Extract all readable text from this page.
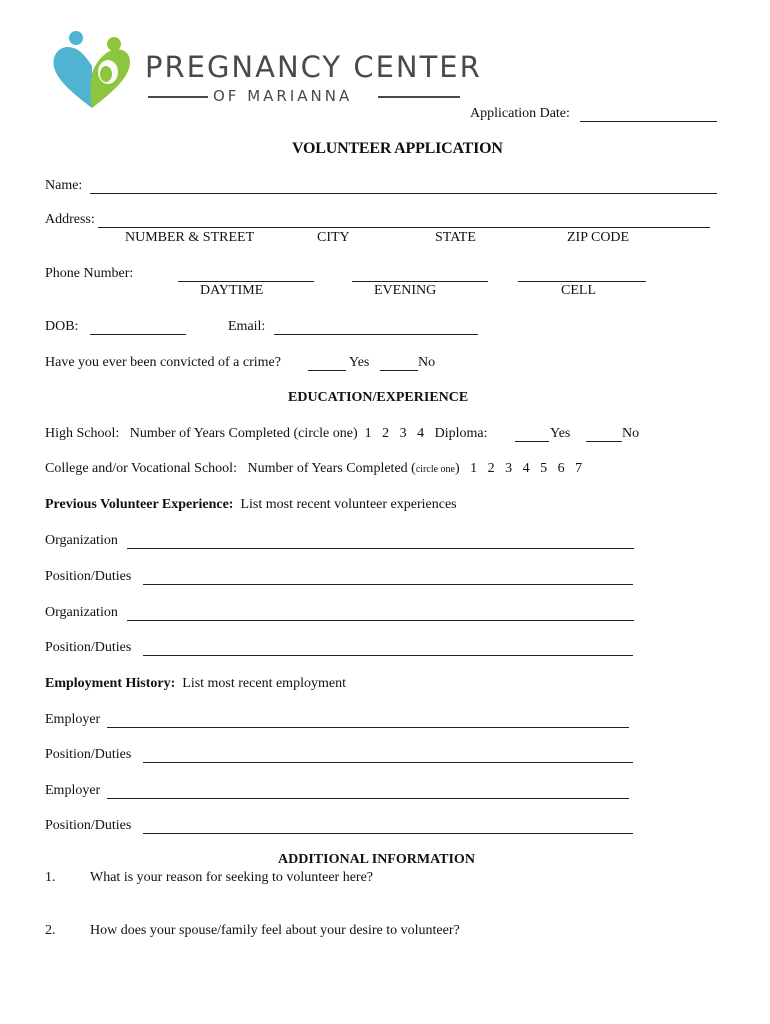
PREGNANCY CENTER
OF MARIANNA
Application Date:
VOLUNTEER APPLICATION
Name:
Address:
NUMBER & STREET	CITY	STATE	ZIP CODE
Phone Number:
DAYTIME	EVENING	CELL
DOB:	Email:
Have you ever been convicted of a crime?	Yes	No
EDUCATION/EXPERIENCE
High School:   Number of Years Completed (circle one)  1   2   3   4   Diploma:	Yes	No
College and/or Vocational School:   Number of Years Completed (circle one)   1   2   3   4   5   6   7
Previous Volunteer Experience: List most recent volunteer experiences
Organization
Position/Duties
Organization
Position/Duties
Employment History: List most recent employment
Employer
Position/Duties
Employer
Position/Duties
ADDITIONAL INFORMATION
1. What is your reason for seeking to volunteer here?
2. How does your spouse/family feel about your desire to volunteer?
